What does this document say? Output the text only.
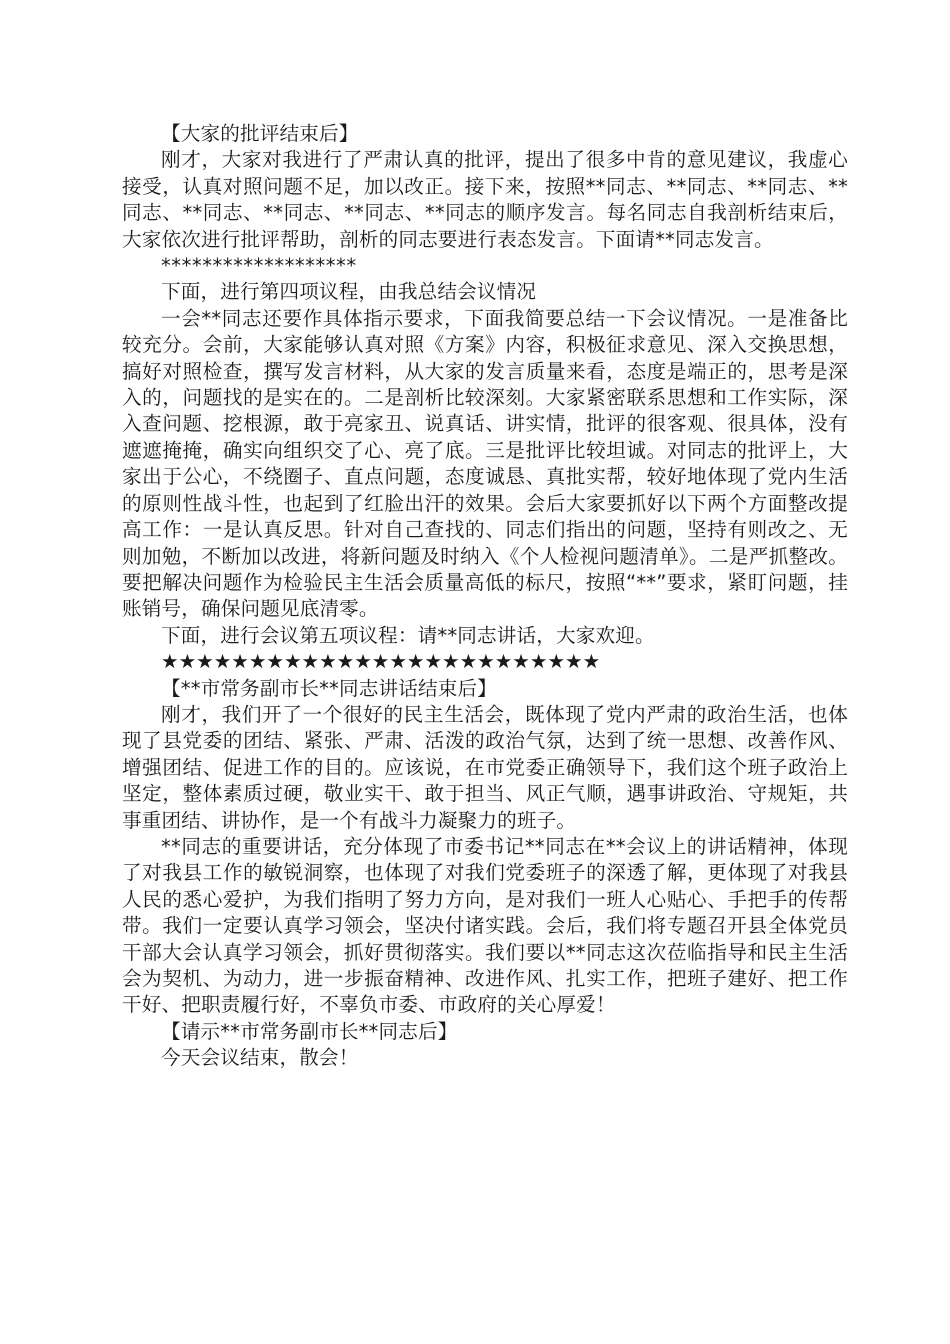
【大家的批评结束后】

刚才，大家对我进行了严肃认真的批评，提出了很多中肯的意见建议，我虚心接受，认真对照问题不足，加以改正。接下来，按照**同志、**同志、**同志、**同志、**同志、**同志、**同志、**同志的顺序发言。每名同志自我剖析结束后，大家依次进行批评帮助，剖析的同志要进行表态发言。下面请**同志发言。

*******************

下面，进行第四项议程，由我总结会议情况

一会**同志还要作具体指示要求，下面我简要总结一下会议情况。一是准备比较充分。会前，大家能够认真对照《方案》内容，积极征求意见、深入交换思想，搞好对照检查，撰写发言材料，从大家的发言质量来看，态度是端正的，思考是深入的，问题找的是实在的。二是剖析比较深刻。大家紧密联系思想和工作实际，深入查问题、挖根源，敢于亮家丑、说真话、讲实情，批评的很客观、很具体，没有遮遮掩掩，确实向组织交了心、亮了底。三是批评比较坦诚。对同志的批评上，大家出于公心，不绕圈子、直点问题，态度诚恳、真批实帮，较好地体现了党内生活的原则性战斗性，也起到了红脸出汗的效果。会后大家要抓好以下两个方面整改提高工作：一是认真反思。针对自己查找的、同志们指出的问题，坚持有则改之、无则加勉，不断加以改进，将新问题及时纳入《个人检视问题清单》。二是严抓整改。要把解决问题作为检验民主生活会质量高低的标尺，按照“**”要求，紧盯问题，挂账销号，确保问题见底清零。

下面，进行会议第五项议程：请**同志讲话，大家欢迎。

★★★★★★★★★★★★★★★★★★★★★★★★★

【**市常务副市长**同志讲话结束后】

刚才，我们开了一个很好的民主生活会，既体现了党内严肃的政治生活，也体现了县党委的团结、紧张、严肃、活泼的政治气氛，达到了统一思想、改善作风、增强团结、促进工作的目的。应该说，在市党委正确领导下，我们这个班子政治上坚定，整体素质过硬，敬业实干、敢于担当、风正气顺，遇事讲政治、守规矩，共事重团结、讲协作，是一个有战斗力凝聚力的班子。

**同志的重要讲话，充分体现了市委书记**同志在**会议上的讲话精神，体现了对我县工作的敏锐洞察，也体现了对我们党委班子的深透了解，更体现了对我县人民的悉心爱护，为我们指明了努力方向，是对我们一班人心贴心、手把手的传帮带。我们一定要认真学习领会，坚决付诸实践。会后，我们将专题召开县全体党员干部大会认真学习领会，抓好贯彻落实。我们要以**同志这次莅临指导和民主生活会为契机、为动力，进一步振奋精神、改进作风、扎实工作，把班子建好、把工作干好、把职责履行好，不辜负市委、市政府的关心厚爱！

【请示**市常务副市长**同志后】

今天会议结束，散会！
